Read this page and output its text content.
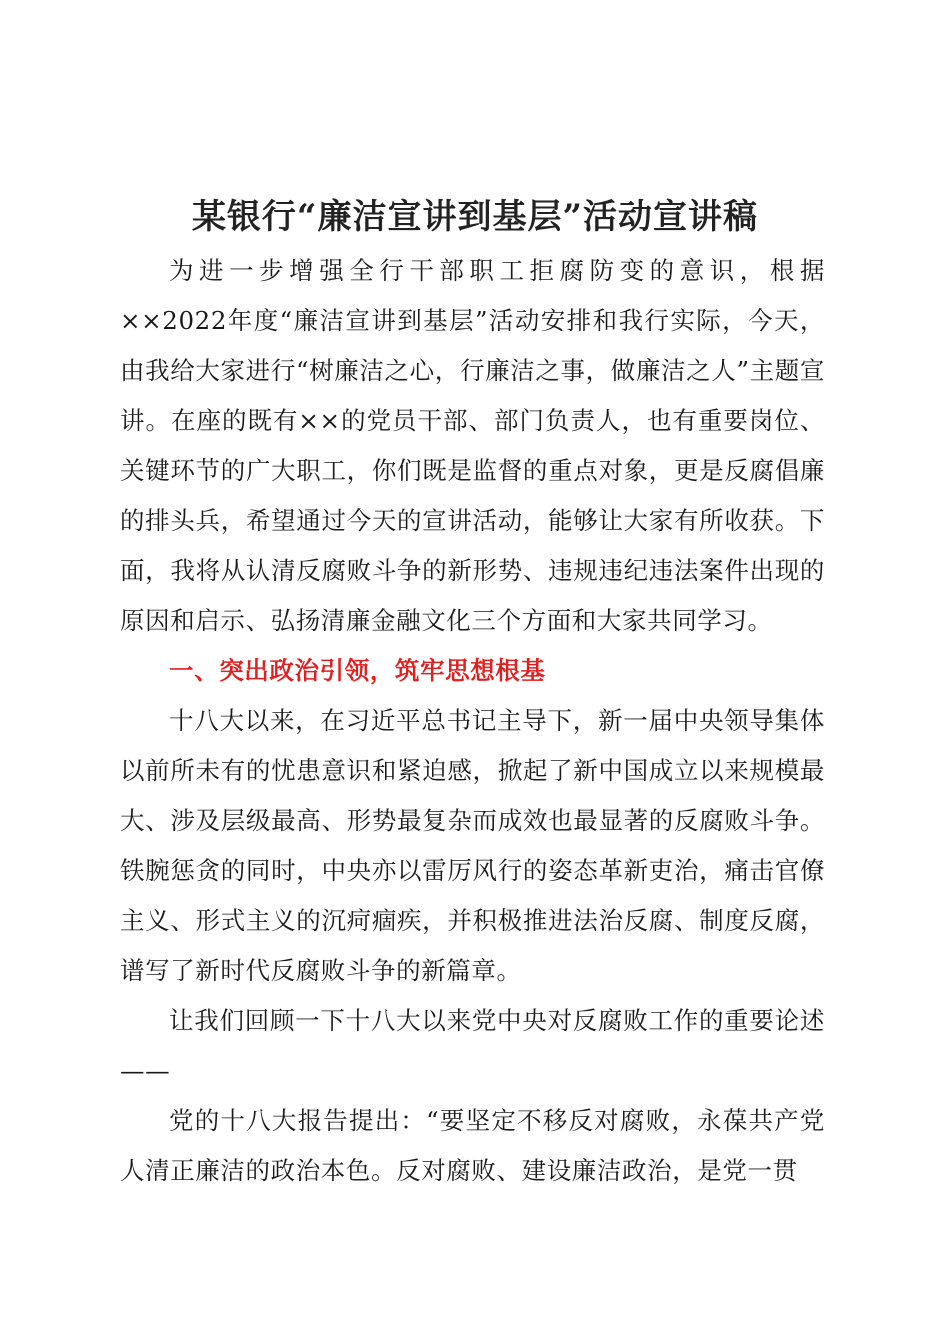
某银行“廉洁宣讲到基层”活动宣讲稿

为进一步增强全行干部职工拒腐防变的意识，根据××2022年度“廉洁宣讲到基层”活动安排和我行实际，今天，由我给大家进行“树廉洁之心，行廉洁之事，做廉洁之人”主题宣讲。在座的既有××的党员干部、部门负责人，也有重要岗位、关键环节的广大职工，你们既是监督的重点对象，更是反腐倡廉的排头兵，希望通过今天的宣讲活动，能够让大家有所收获。下面，我将从认清反腐败斗争的新形势、违规违纪违法案件出现的原因和启示、弘扬清廉金融文化三个方面和大家共同学习。

一、突出政治引领，筑牢思想根基

十八大以来，在习近平总书记主导下，新一届中央领导集体以前所未有的忧患意识和紧迫感，掀起了新中国成立以来规模最大、涉及层级最高、形势最复杂而成效也最显著的反腐败斗争。铁腕惩贪的同时，中央亦以雷厉风行的姿态革新吏治，痛击官僚主义、形式主义的沉疴痼疾，并积极推进法治反腐、制度反腐，谱写了新时代反腐败斗争的新篇章。

让我们回顾一下十八大以来党中央对反腐败工作的重要论述——

党的十八大报告提出：“要坚定不移反对腐败，永葆共产党人清正廉洁的政治本色。反对腐败、建设廉洁政治，是党一贯
